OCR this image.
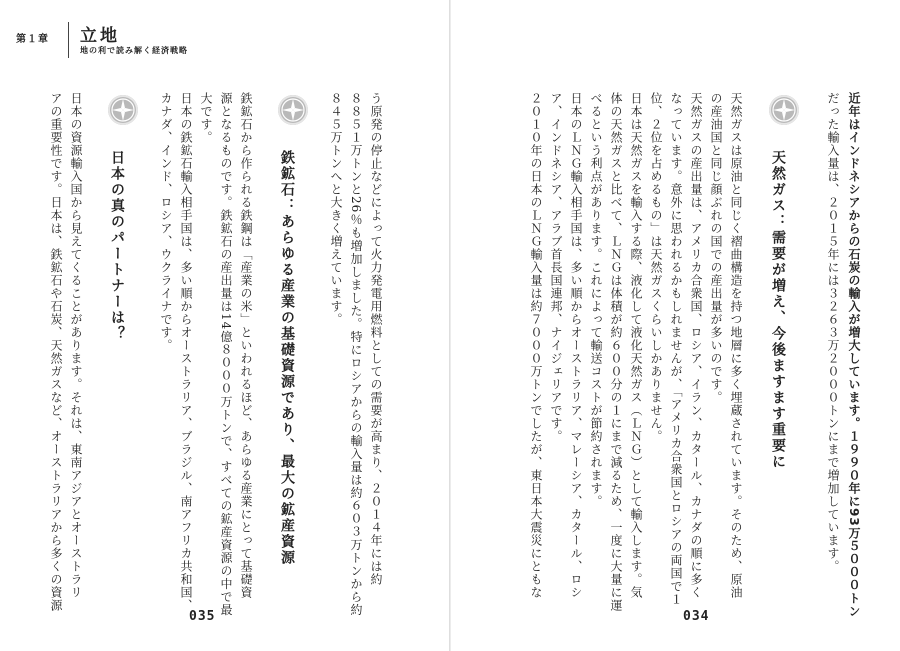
第１章 立地
地の利で読み解く経済戦略
近年はインドネシアからの石炭の輸入が増大しています。１９９０年に93万５０００トン
だった輸入量は、２０１５年には３２６３万２０００トンにまで増加しています。
天然ガス：需要が増え、今後ますます重要に
天然ガスは原油と同じく褶曲構造を持つ地層に多く埋蔵されています。そのため、原油
の産油国と同じ顔ぶれの国での産出量が多いのです。
天然ガスの産出量は、アメリカ合衆国、ロシア、イラン、カタール、カナダの順に多く
なっています。意外に思われるかもしれませんが、「アメリカ合衆国とロシアの両国で１
位、２位を占めるもの」は天然ガスくらいしかありません。
日本は天然ガスを輸入する際、液化して液化天然ガス（ＬＮＧ）として輸入します。気
体の天然ガスと比べて、ＬＮＧは体積が約６００分の１にまで減るため、一度に大量に運
べるという利点があります。これによって輸送コストが節約されます。
日本のＬＮＧ輸入相手国は、多い順からオーストラリア、マレーシア、カタール、ロシ
ア、インドネシア、アラブ首長国連邦、ナイジェリアです。
２０１０年の日本のＬＮＧ輸入量は約７０００万トンでしたが、東日本大震災にともな
034
う原発の停止などによって火力発電用燃料としての需要が高まり、２０１４年には約
８８５１万トンと26％も増加しました。特にロシアからの輸入量は約６０３万トンから約
８４５万トンへと大きく増えています。
鉄鉱石：あらゆる産業の基礎資源であり、最大の鉱産資源
鉄鉱石から作られる鉄鋼は「産業の米」といわれるほど、あらゆる産業にとって基礎資
源となるものです。鉄鉱石の産出量は14億８０００万トンで、すべての鉱産資源の中で最
大です。
日本の鉄鉱石輸入相手国は、多い順からオーストラリア、ブラジル、南アフリカ共和国、
カナダ、インド、ロシア、ウクライナです。
日本の真のパートナーは？
日本の資源輸入国から見えてくることがあります。それは、東南アジアとオーストラリ
アの重要性です。日本は、鉄鉱石や石炭、天然ガスなど、オーストラリアから多くの資源
035
